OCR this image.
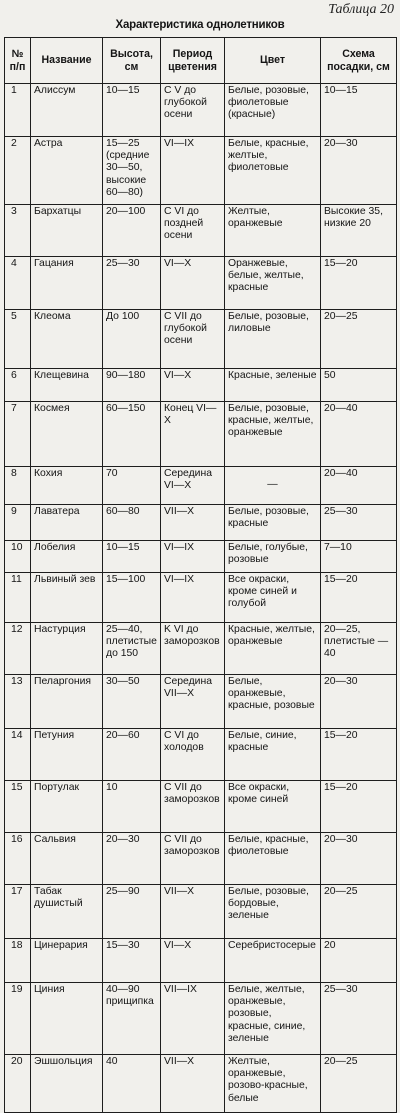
Таблица 20
Характеристика однолетников
№ п/п	Название	Высота, см	Период цветения	Цвет	Схема посадки, см
1	Алиссум	10—15	C V до глубокой осени	Белые, розовые, фиолетовые (красные)	10—15
2	Астра	15—25 (средние 30—50, высокие 60—80)	VI—IX	Белые, красные, желтые, фиолетовые	20—30
3	Бархатцы	20—100	C VI до поздней осени	Желтые, оранжевые	Высокие 35, низкие 20
4	Гацания	25—30	VI—X	Оранжевые, белые, желтые, красные	15—20
5	Клеома	До 100	C VII до глубокой осени	Белые, розовые, лиловые	20—25
6	Клещевина	90—180	VI—X	Красные, зеленые	50
7	Космея	60—150	Конец VI—X	Белые, розовые, красные, желтые, оранжевые	20—40
8	Кохия	70	Середина VI—X	—	20—40
9	Лаватера	60—80	VII—X	Белые, розовые, красные	25—30
10	Лобелия	10—15	VI—IX	Белые, голубые, розовые	7—10
11	Львиный зев	15—100	VI—IX	Все окраски, кроме синей и голубой	15—20
12	Настурция	25—40, плетистые до 150	K VI до заморозков	Красные, желтые, оранжевые	20—25, плетистые — 40
13	Пеларгония	30—50	Середина VII—X	Белые, оранжевые, красные, розовые	20—30
14	Петуния	20—60	C VI до холодов	Белые, синие, красные	15—20
15	Портулак	10	C VII до заморозков	Все окраски, кроме синей	15—20
16	Сальвия	20—30	C VII до заморозков	Белые, красные, фиолетовые	20—30
17	Табак душистый	25—90	VII—X	Белые, розовые, бордовые, зеленые	20—25
18	Цинерария	15—30	VI—X	Серебристосерые	20
19	Циния	40—90 прищипка	VII—IX	Белые, желтые, оранжевые, розовые, красные, синие, зеленые	25—30
20	Эшшольция	40	VII—X	Желтые, оранжевые, розово-красные, белые	20—25
